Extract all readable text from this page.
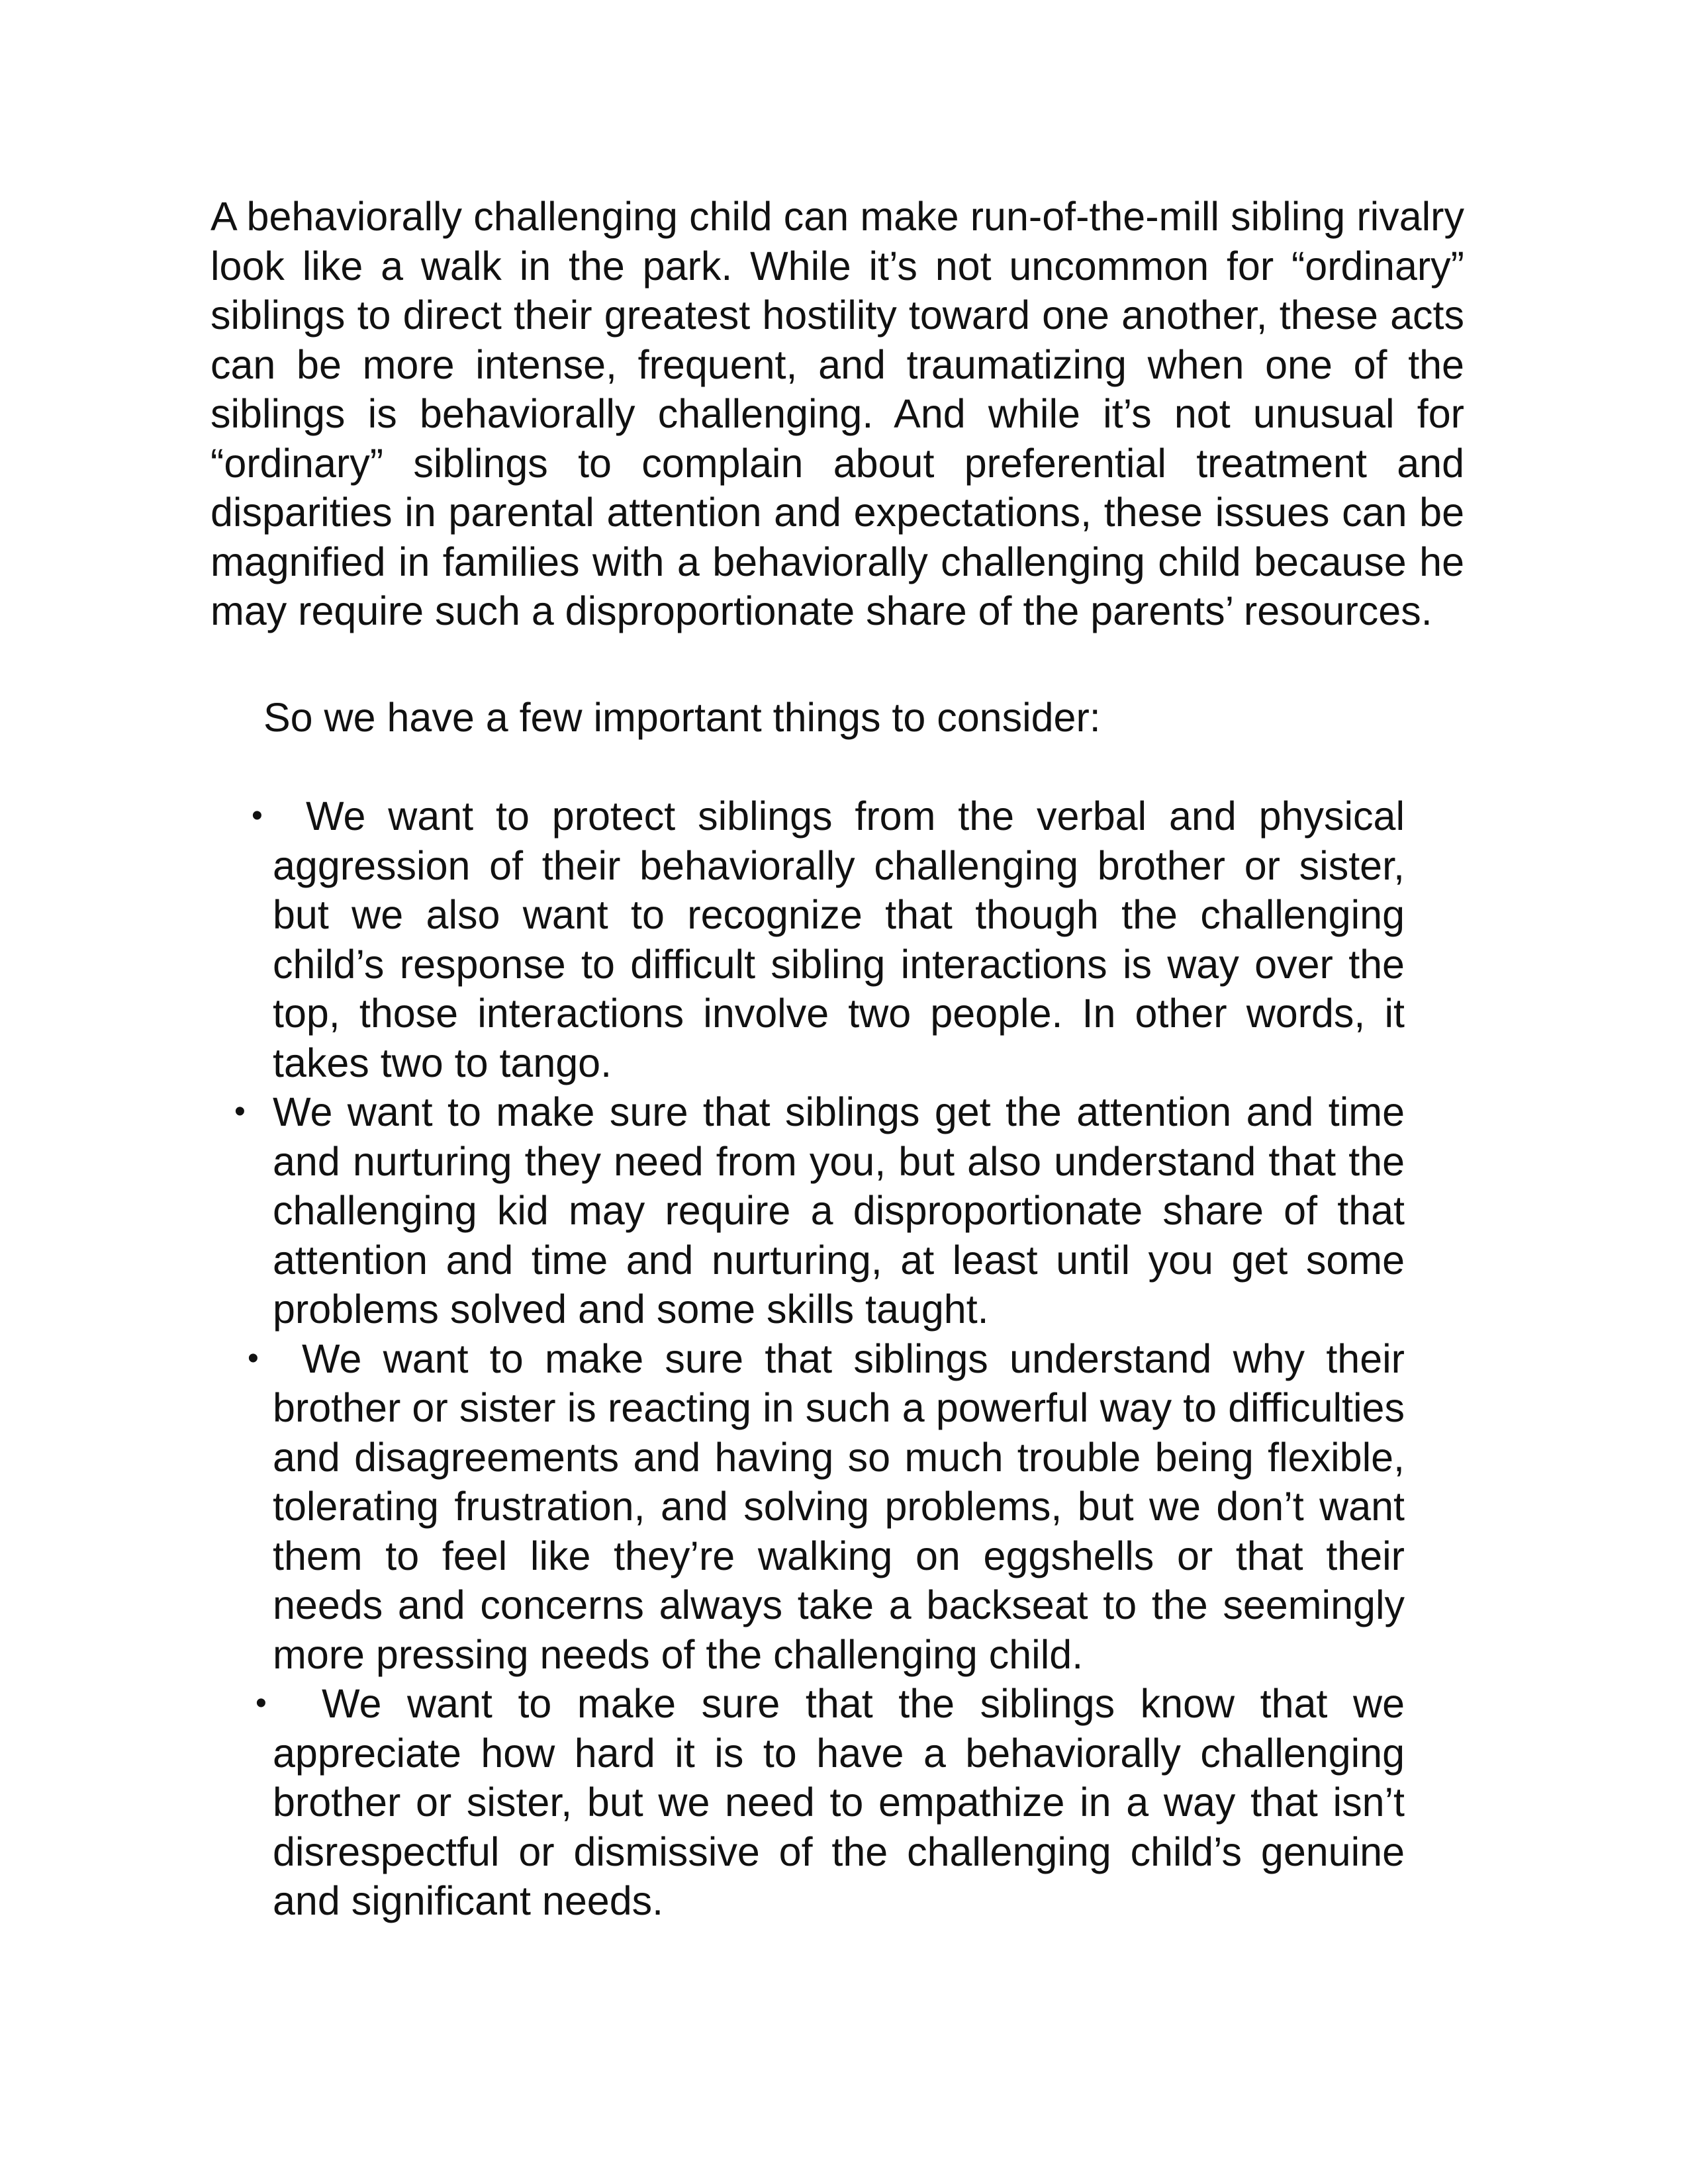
A behaviorally challenging child can make run-of-the-mill sibling rivalry look like a walk in the park. While it’s not uncommon for “ordinary” siblings to direct their greatest hostility toward one another, these acts can be more intense, frequent, and traumatizing when one of the siblings is behaviorally challenging. And while it’s not unusual for “ordinary” siblings to complain about preferential treatment and disparities in parental attention and expectations, these issues can be magnified in families with a behaviorally challenging child because he may require such a disproportionate share of the parents’ resources.

So we have a few important things to consider:

• We want to protect siblings from the verbal and physical aggression of their behaviorally challenging brother or sister, but we also want to recognize that though the challenging child’s response to difficult sibling interactions is way over the top, those interactions involve two people. In other words, it takes two to tango.
• We want to make sure that siblings get the attention and time and nurturing they need from you, but also understand that the challenging kid may require a disproportionate share of that attention and time and nurturing, at least until you get some problems solved and some skills taught.
• We want to make sure that siblings understand why their brother or sister is reacting in such a powerful way to difficulties and disagreements and having so much trouble being flexible, tolerating frustration, and solving problems, but we don’t want them to feel like they’re walking on eggshells or that their needs and concerns always take a backseat to the seemingly more pressing needs of the challenging child.
• We want to make sure that the siblings know that we appreciate how hard it is to have a behaviorally challenging brother or sister, but we need to empathize in a way that isn’t disrespectful or dismissive of the challenging child’s genuine and significant needs.
